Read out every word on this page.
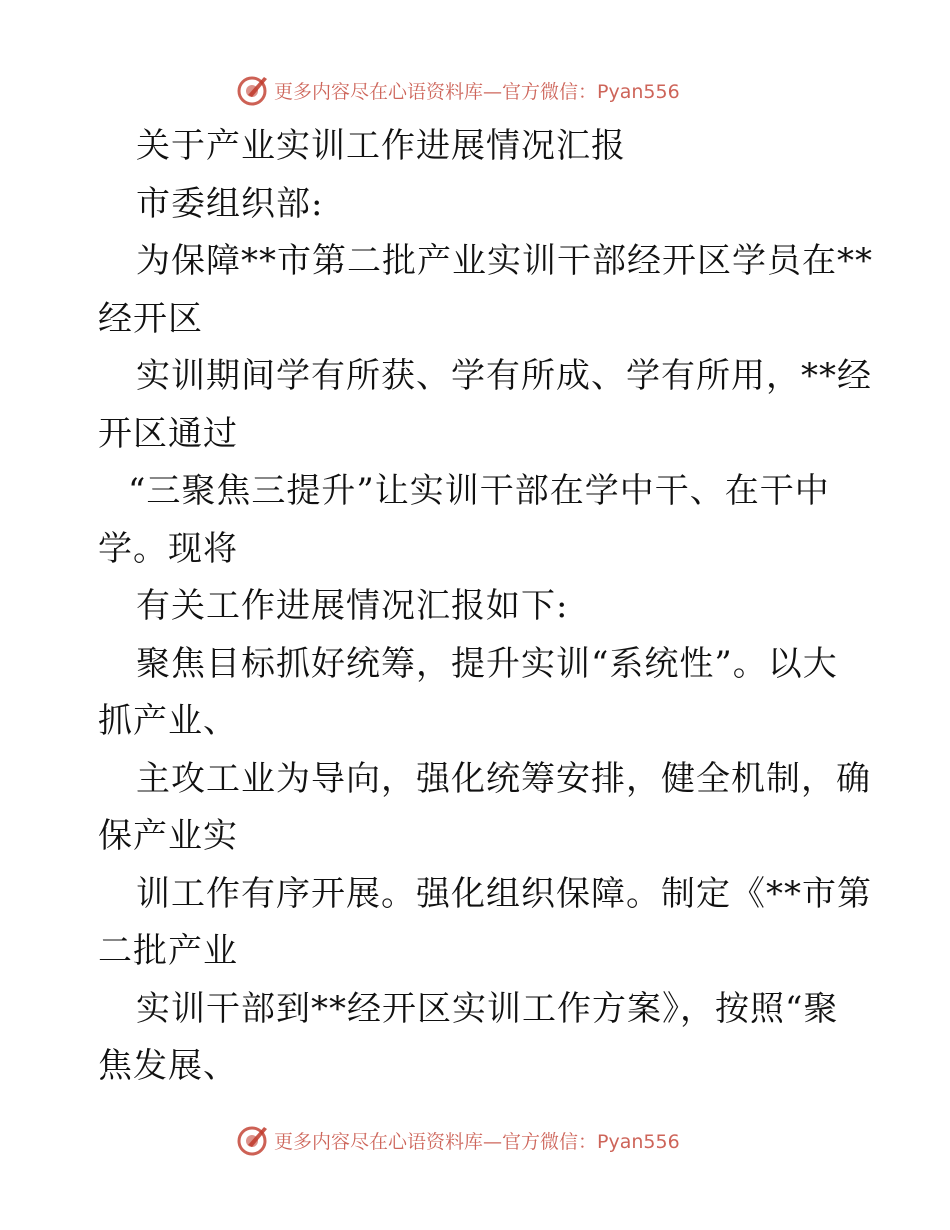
更多内容尽在心语资料库—官方微信：Pyan556
关于产业实训工作进展情况汇报
市委组织部:
为保障**市第二批产业实训干部经开区学员在**
经开区
实训期间学有所获、学有所成、学有所用，**经
开区通过
“三聚焦三提升”让实训干部在学中干、在干中
学。现将
有关工作进展情况汇报如下:
聚焦目标抓好统筹，提升实训“系统性”。以大
抓产业、
主攻工业为导向，强化统筹安排，健全机制，确
保产业实
训工作有序开展。强化组织保障。制定《**市第
二批产业
实训干部到**经开区实训工作方案》，按照“聚
焦发展、
更多内容尽在心语资料库—官方微信：Pyan556
